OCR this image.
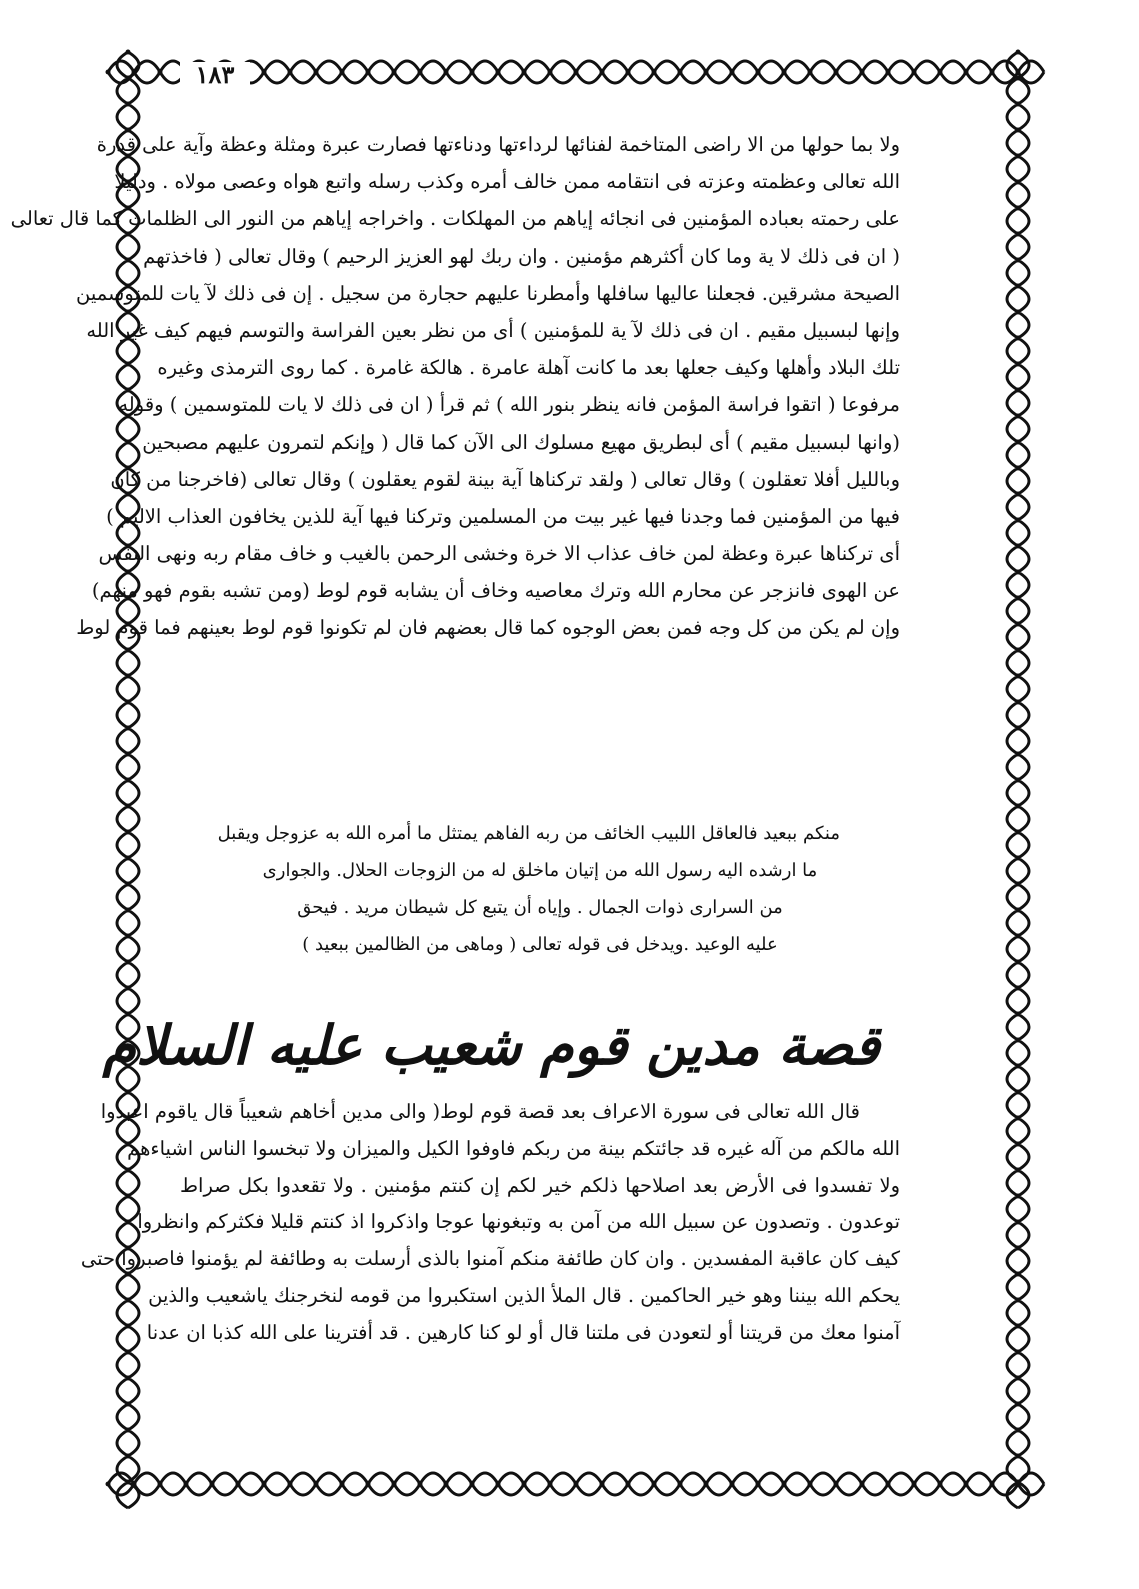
١٨٣
ولا بما حولها من الا راضى المتاخمة لفنائها لرداءتها ودناءتها فصارت عبرة ومثلة وعظة وآية على قدرة
الله تعالى وعظمته وعزته فى انتقامه ممن خالف أمره وكذب رسله واتبع هواه وعصى مولاه . ودليلا
على رحمته بعباده المؤمنين فى انجائه إياهم من المهلكات . واخراجه إياهم من النور الى الظلمات كما قال تعالى
( ان فى ذلك لا ية وما كان أكثرهم مؤمنين . وان ربك لهو العزيز الرحيم ) وقال تعالى ( فاخذتهم
الصيحة مشرقين. فجعلنا عاليها سافلها وأمطرنا عليهم حجارة من سجيل . إن فى ذلك لآ يات للمتوسمين
وإنها لبسبيل مقيم . ان فى ذلك لآ ية للمؤمنين ) أى من نظر بعين الفراسة والتوسم فيهم كيف غير الله
تلك البلاد وأهلها وكيف جعلها بعد ما كانت آهلة عامرة . هالكة غامرة . كما روى الترمذى وغيره
مرفوعا ( اتقوا فراسة المؤمن فانه ينظر بنور الله ) ثم قرأ ( ان فى ذلك لا يات للمتوسمين ) وقوله
(وانها لبسبيل مقيم ) أى لبطريق مهيع مسلوك الى الآن كما قال ( وإنكم لتمرون عليهم مصبحين
وبالليل أفلا تعقلون ) وقال تعالى ( ولقد تركناها آية بينة لقوم يعقلون ) وقال تعالى (فاخرجنا من كان
فيها من المؤمنين فما وجدنا فيها غير بيت من المسلمين وتركنا فيها آية للذين يخافون العذاب الاليم )
أى تركناها عبرة وعظة لمن خاف عذاب الا خرة وخشى الرحمن بالغيب و خاف مقام ربه ونهى النفس
عن الهوى فانزجر عن محارم الله وترك معاصيه وخاف أن يشابه قوم لوط (ومن تشبه بقوم فهو منهم)
وإن لم يكن من كل وجه فمن بعض الوجوه كما قال بعضهم فان لم تكونوا قوم لوط بعينهم فما قوم لوط
منكم ببعيد فالعاقل اللبيب الخائف من ربه الفاهم يمتثل ما أمره الله به عزوجل ويقبل
ما ارشده اليه رسول الله من إتيان ماخلق له من الزوجات الحلال. والجوارى
من السرارى ذوات الجمال . وإياه أن يتبع كل شيطان مريد . فيحق
عليه الوعيد .ويدخل فى قوله تعالى ( وماهى من الظالمين ببعيد )
قصة مدين قوم شعيب عليه السلام
قال الله تعالى فى سورة الاعراف بعد قصة قوم لوط( والى مدين أخاهم شعيباً قال ياقوم اعبدوا
الله مالكم من آله غيره قد جائتكم بينة من ربكم فاوفوا الكيل والميزان ولا تبخسوا الناس اشياءهم
ولا تفسدوا فى الأرض بعد اصلاحها ذلكم خير لكم إن كنتم مؤمنين . ولا تقعدوا بكل صراط
توعدون . وتصدون عن سبيل الله من آمن به وتبغونها عوجا واذكروا اذ كنتم قليلا فكثركم وانظروا
كيف كان عاقبة المفسدين . وان كان طائفة منكم آمنوا بالذى أرسلت به وطائفة لم يؤمنوا فاصبروا حتى
يحكم الله بيننا وهو خير الحاكمين . قال الملأ الذين استكبروا من قومه لنخرجنك ياشعيب والذين
آمنوا معك من قريتنا أو لتعودن فى ملتنا قال أو لو كنا كارهين . قد أفترينا على الله كذبا ان عدنا
